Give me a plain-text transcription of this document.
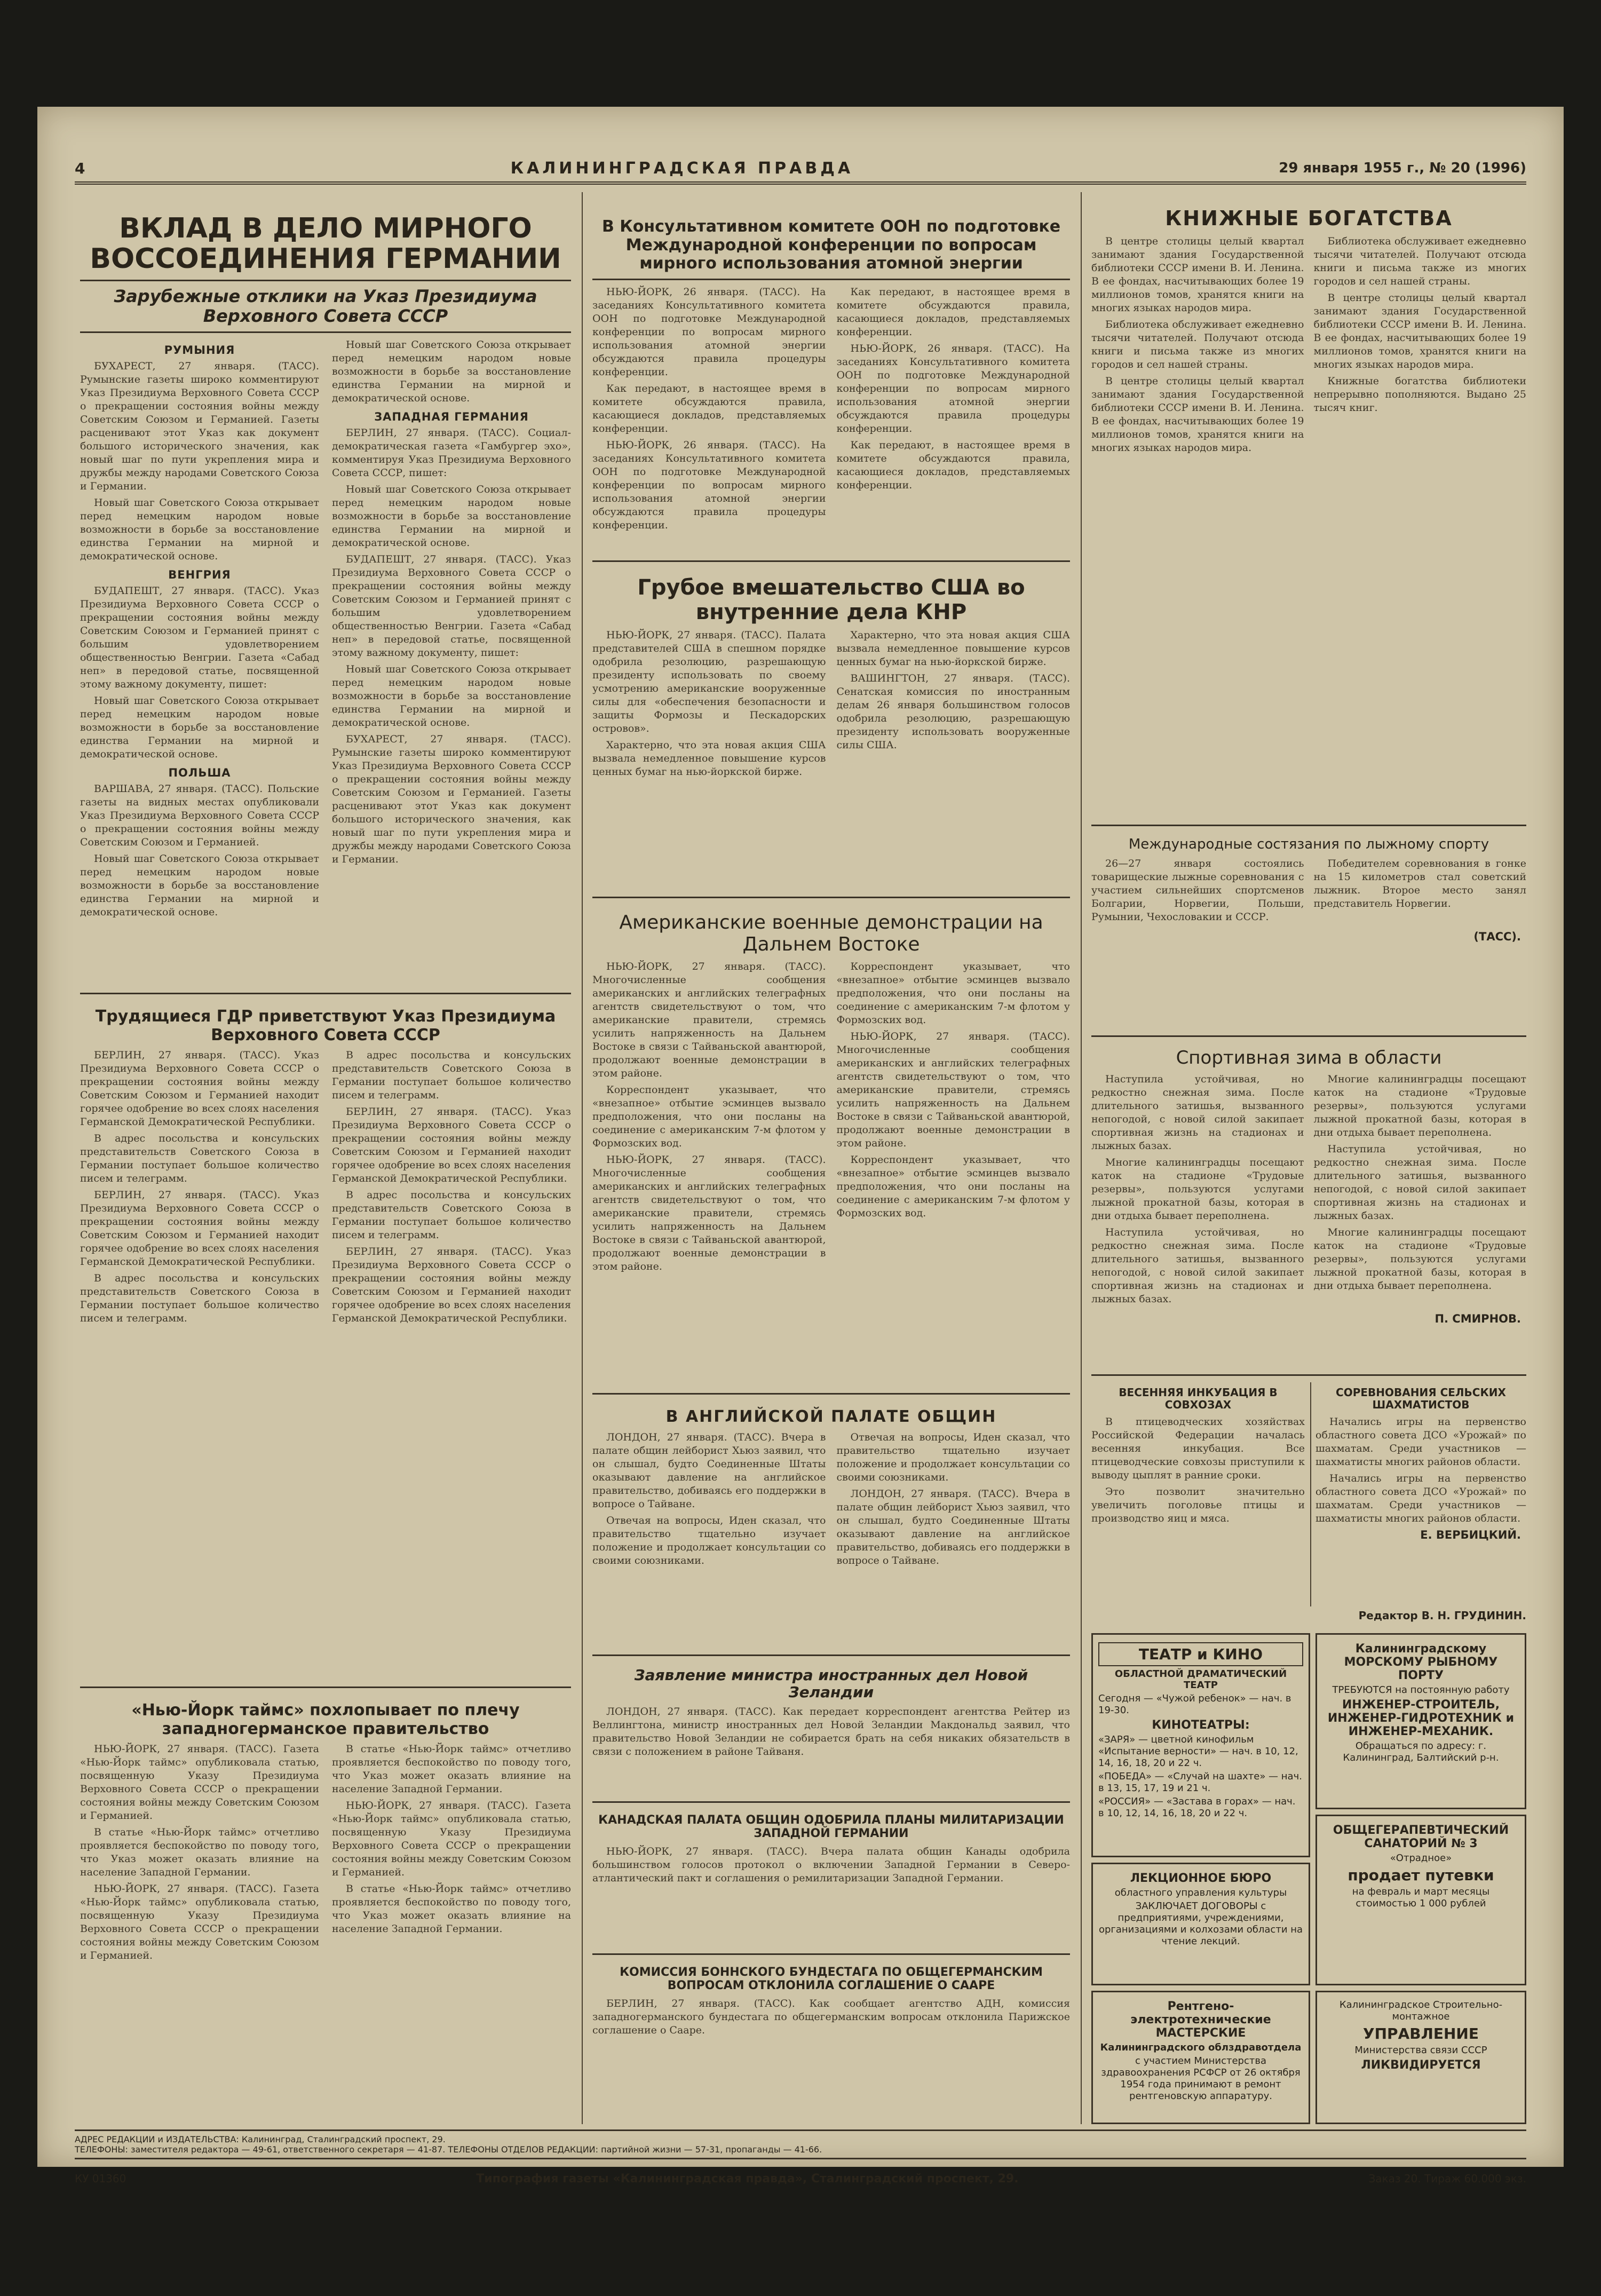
4	КАЛИНИНГРАДСКАЯ ПРАВДА	29 января 1955 г., № 20 (1996)
ВКЛАД В ДЕЛО МИРНОГО ВОССОЕДИНЕНИЯ ГЕРМАНИИ
Зарубежные отклики на Указ Президиума Верховного Совета СССР
РУМЫНИЯ

БУХАРЕСТ, 27 января. (ТАСС). Румынские газеты широко комментируют Указ Президиума Верховного Совета СССР о прекращении состояния войны между Советским Союзом и Германией. Газеты расценивают этот Указ как документ большого исторического значения, как новый шаг по пути укрепления мира и дружбы между народами Советского Союза и Германии.

Новый шаг Советского Союза открывает перед немецким народом новые возможности в борьбе за восстановление единства Германии на мирной и демократической основе.

ВЕНГРИЯ

БУДАПЕШТ, 27 января. (ТАСС). Указ Президиума Верховного Совета СССР о прекращении состояния войны между Советским Союзом и Германией принят с большим удовлетворением общественностью Венгрии. Газета «Сабад неп» в передовой статье, посвященной этому важному документу, пишет:

Новый шаг Советского Союза открывает перед немецким народом новые возможности в борьбе за восстановление единства Германии на мирной и демократической основе.

ПОЛЬША

ВАРШАВА, 27 января. (ТАСС). Польские газеты на видных местах опубликовали Указ Президиума Верховного Совета СССР о прекращении состояния войны между Советским Союзом и Германией.

Новый шаг Советского Союза открывает перед немецким народом новые возможности в борьбе за восстановление единства Германии на мирной и демократической основе.

Новый шаг Советского Союза открывает перед немецким народом новые возможности в борьбе за восстановление единства Германии на мирной и демократической основе.

ЗАПАДНАЯ ГЕРМАНИЯ

БЕРЛИН, 27 января. (ТАСС). Социал-демократическая газета «Гамбургер эхо», комментируя Указ Президиума Верховного Совета СССР, пишет:

Новый шаг Советского Союза открывает перед немецким народом новые возможности в борьбе за восстановление единства Германии на мирной и демократической основе.

БУДАПЕШТ, 27 января. (ТАСС). Указ Президиума Верховного Совета СССР о прекращении состояния войны между Советским Союзом и Германией принят с большим удовлетворением общественностью Венгрии. Газета «Сабад неп» в передовой статье, посвященной этому важному документу, пишет:

Новый шаг Советского Союза открывает перед немецким народом новые возможности в борьбе за восстановление единства Германии на мирной и демократической основе.

БУХАРЕСТ, 27 января. (ТАСС). Румынские газеты широко комментируют Указ Президиума Верховного Совета СССР о прекращении состояния войны между Советским Союзом и Германией. Газеты расценивают этот Указ как документ большого исторического значения, как новый шаг по пути укрепления мира и дружбы между народами Советского Союза и Германии.

Трудящиеся ГДР приветствуют Указ Президиума Верховного Совета СССР

БЕРЛИН, 27 января. (ТАСС). Указ Президиума Верховного Совета СССР о прекращении состояния войны между Советским Союзом и Германией находит горячее одобрение во всех слоях населения Германской Демократической Республики.

В адрес посольства и консульских представительств Советского Союза в Германии поступает большое количество писем и телеграмм.

БЕРЛИН, 27 января. (ТАСС). Указ Президиума Верховного Совета СССР о прекращении состояния войны между Советским Союзом и Германией находит горячее одобрение во всех слоях населения Германской Демократической Республики.

В адрес посольства и консульских представительств Советского Союза в Германии поступает большое количество писем и телеграмм.

В адрес посольства и консульских представительств Советского Союза в Германии поступает большое количество писем и телеграмм.

БЕРЛИН, 27 января. (ТАСС). Указ Президиума Верховного Совета СССР о прекращении состояния войны между Советским Союзом и Германией находит горячее одобрение во всех слоях населения Германской Демократической Республики.

В адрес посольства и консульских представительств Советского Союза в Германии поступает большое количество писем и телеграмм.

БЕРЛИН, 27 января. (ТАСС). Указ Президиума Верховного Совета СССР о прекращении состояния войны между Советским Союзом и Германией находит горячее одобрение во всех слоях населения Германской Демократической Республики.

«Нью-Йорк таймс» похлопывает по плечу западногерманское правительство

НЬЮ-ЙОРК, 27 января. (ТАСС). Газета «Нью-Йорк таймс» опубликовала статью, посвященную Указу Президиума Верховного Совета СССР о прекращении состояния войны между Советским Союзом и Германией.

В статье «Нью-Йорк таймс» отчетливо проявляется беспокойство по поводу того, что Указ может оказать влияние на население Западной Германии.

НЬЮ-ЙОРК, 27 января. (ТАСС). Газета «Нью-Йорк таймс» опубликовала статью, посвященную Указу Президиума Верховного Совета СССР о прекращении состояния войны между Советским Союзом и Германией.

В статье «Нью-Йорк таймс» отчетливо проявляется беспокойство по поводу того, что Указ может оказать влияние на население Западной Германии.

НЬЮ-ЙОРК, 27 января. (ТАСС). Газета «Нью-Йорк таймс» опубликовала статью, посвященную Указу Президиума Верховного Совета СССР о прекращении состояния войны между Советским Союзом и Германией.

В статье «Нью-Йорк таймс» отчетливо проявляется беспокойство по поводу того, что Указ может оказать влияние на население Западной Германии.

В Консультативном комитете ООН по подготовке Международной конференции по вопросам мирного использования атомной энергии

НЬЮ-ЙОРК, 26 января. (ТАСС). На заседаниях Консультативного комитета ООН по подготовке Международной конференции по вопросам мирного использования атомной энергии обсуждаются правила процедуры конференции.

Как передают, в настоящее время в комитете обсуждаются правила, касающиеся докладов, представляемых конференции.

НЬЮ-ЙОРК, 26 января. (ТАСС). На заседаниях Консультативного комитета ООН по подготовке Международной конференции по вопросам мирного использования атомной энергии обсуждаются правила процедуры конференции.

Как передают, в настоящее время в комитете обсуждаются правила, касающиеся докладов, представляемых конференции.

НЬЮ-ЙОРК, 26 января. (ТАСС). На заседаниях Консультативного комитета ООН по подготовке Международной конференции по вопросам мирного использования атомной энергии обсуждаются правила процедуры конференции.

Как передают, в настоящее время в комитете обсуждаются правила, касающиеся докладов, представляемых конференции.

Грубое вмешательство США во внутренние дела КНР

НЬЮ-ЙОРК, 27 января. (ТАСС). Палата представителей США в спешном порядке одобрила резолюцию, разрешающую президенту использовать по своему усмотрению американские вооруженные силы для «обеспечения безопасности и защиты Формозы и Пескадорских островов».

Характерно, что эта новая акция США вызвала немедленное повышение курсов ценных бумаг на нью-йоркской бирже.

Характерно, что эта новая акция США вызвала немедленное повышение курсов ценных бумаг на нью-йоркской бирже.

ВАШИНГТОН, 27 января. (ТАСС). Сенатская комиссия по иностранным делам 26 января большинством голосов одобрила резолюцию, разрешающую президенту использовать вооруженные силы США.

Американские военные демонстрации на Дальнем Востоке

НЬЮ-ЙОРК, 27 января. (ТАСС). Многочисленные сообщения американских и английских телеграфных агентств свидетельствуют о том, что американские правители, стремясь усилить напряженность на Дальнем Востоке в связи с Тайваньской авантюрой, продолжают военные демонстрации в этом районе.

Корреспондент указывает, что «внезапное» отбытие эсминцев вызвало предположения, что они посланы на соединение с американским 7-м флотом у Формозских вод.

НЬЮ-ЙОРК, 27 января. (ТАСС). Многочисленные сообщения американских и английских телеграфных агентств свидетельствуют о том, что американские правители, стремясь усилить напряженность на Дальнем Востоке в связи с Тайваньской авантюрой, продолжают военные демонстрации в этом районе.

Корреспондент указывает, что «внезапное» отбытие эсминцев вызвало предположения, что они посланы на соединение с американским 7-м флотом у Формозских вод.

НЬЮ-ЙОРК, 27 января. (ТАСС). Многочисленные сообщения американских и английских телеграфных агентств свидетельствуют о том, что американские правители, стремясь усилить напряженность на Дальнем Востоке в связи с Тайваньской авантюрой, продолжают военные демонстрации в этом районе.

Корреспондент указывает, что «внезапное» отбытие эсминцев вызвало предположения, что они посланы на соединение с американским 7-м флотом у Формозских вод.

В АНГЛИЙСКОЙ ПАЛАТЕ ОБЩИН

ЛОНДОН, 27 января. (ТАСС). Вчера в палате общин лейборист Хьюз заявил, что он слышал, будто Соединенные Штаты оказывают давление на английское правительство, добиваясь его поддержки в вопросе о Тайване.

Отвечая на вопросы, Иден сказал, что правительство тщательно изучает положение и продолжает консультации со своими союзниками.

Отвечая на вопросы, Иден сказал, что правительство тщательно изучает положение и продолжает консультации со своими союзниками.

ЛОНДОН, 27 января. (ТАСС). Вчера в палате общин лейборист Хьюз заявил, что он слышал, будто Соединенные Штаты оказывают давление на английское правительство, добиваясь его поддержки в вопросе о Тайване.

Заявление министра иностранных дел Новой Зеландии

ЛОНДОН, 27 января. (ТАСС). Как передает корреспондент агентства Рейтер из Веллингтона, министр иностранных дел Новой Зеландии Макдональд заявил, что правительство Новой Зеландии не собирается брать на себя никаких обязательств в связи с положением в районе Тайваня.

КАНАДСКАЯ ПАЛАТА ОБЩИН ОДОБРИЛА ПЛАНЫ МИЛИТАРИЗАЦИИ ЗАПАДНОЙ ГЕРМАНИИ

НЬЮ-ЙОРК, 27 января. (ТАСС). Вчера палата общин Канады одобрила большинством голосов протокол о включении Западной Германии в Северо-атлантический пакт и соглашения о ремилитаризации Западной Германии.

КОМИССИЯ БОННСКОГО БУНДЕСТАГА ПО ОБЩЕГЕРМАНСКИМ ВОПРОСАМ ОТКЛОНИЛА СОГЛАШЕНИЕ О СААРЕ

БЕРЛИН, 27 января. (ТАСС). Как сообщает агентство АДН, комиссия западногерманского бундестага по общегерманским вопросам отклонила Парижское соглашение о Сааре.

КНИЖНЫЕ БОГАТСТВА

В центре столицы целый квартал занимают здания Государственной библиотеки СССР имени В. И. Ленина. В ее фондах, насчитывающих более 19 миллионов томов, хранятся книги на многих языках народов мира.

Библиотека обслуживает ежедневно тысячи читателей. Получают отсюда книги и письма также из многих городов и сел нашей страны.

В центре столицы целый квартал занимают здания Государственной библиотеки СССР имени В. И. Ленина. В ее фондах, насчитывающих более 19 миллионов томов, хранятся книги на многих языках народов мира.

Библиотека обслуживает ежедневно тысячи читателей. Получают отсюда книги и письма также из многих городов и сел нашей страны.

В центре столицы целый квартал занимают здания Государственной библиотеки СССР имени В. И. Ленина. В ее фондах, насчитывающих более 19 миллионов томов, хранятся книги на многих языках народов мира.

Книжные богатства библиотеки непрерывно пополняются. Выдано 25 тысяч книг.

Международные состязания по лыжному спорту

26—27 января состоялись товарищеские лыжные соревнования с участием сильнейших спортсменов Болгарии, Норвегии, Польши, Румынии, Чехословакии и СССР.

Победителем соревнования в гонке на 15 километров стал советский лыжник. Второе место занял представитель Норвегии.

(ТАСС).
Спортивная зима в области

Наступила устойчивая, но редкостно снежная зима. После длительного затишья, вызванного непогодой, с новой силой закипает спортивная жизнь на стадионах и лыжных базах.

Многие калининградцы посещают каток на стадионе «Трудовые резервы», пользуются услугами лыжной прокатной базы, которая в дни отдыха бывает переполнена.

Наступила устойчивая, но редкостно снежная зима. После длительного затишья, вызванного непогодой, с новой силой закипает спортивная жизнь на стадионах и лыжных базах.

Многие калининградцы посещают каток на стадионе «Трудовые резервы», пользуются услугами лыжной прокатной базы, которая в дни отдыха бывает переполнена.

Наступила устойчивая, но редкостно снежная зима. После длительного затишья, вызванного непогодой, с новой силой закипает спортивная жизнь на стадионах и лыжных базах.

Многие калининградцы посещают каток на стадионе «Трудовые резервы», пользуются услугами лыжной прокатной базы, которая в дни отдыха бывает переполнена.

П. СМИРНОВ.
ВЕСЕННЯЯ ИНКУБАЦИЯ В СОВХОЗАХ

В птицеводческих хозяйствах Российской Федерации началась весенняя инкубация. Все птицеводческие совхозы приступили к выводу цыплят в ранние сроки.

Это позволит значительно увеличить поголовье птицы и производство яиц и мяса.

СОРЕВНОВАНИЯ СЕЛЬСКИХ ШАХМАТИСТОВ

Начались игры на первенство областного совета ДСО «Урожай» по шахматам. Среди участников — шахматисты многих районов области.

Начались игры на первенство областного совета ДСО «Урожай» по шахматам. Среди участников — шахматисты многих районов области.

Е. ВЕРБИЦКИЙ.
Редактор В. Н. ГРУДИНИН.
ТЕАТР и КИНО
ОБЛАСТНОЙ ДРАМАТИЧЕСКИЙ ТЕАТР
Сегодня — «Чужой ребенок» — нач. в 19-30.
КИНОТЕАТРЫ:
«ЗАРЯ» — цветной кинофильм «Испытание верности» — нач. в 10, 12, 14, 16, 18, 20 и 22 ч.
«ПОБЕДА» — «Случай на шахте» — нач. в 13, 15, 17, 19 и 21 ч.
«РОССИЯ» — «Застава в горах» — нач. в 10, 12, 14, 16, 18, 20 и 22 ч.
ЛЕКЦИОННОЕ БЮРО
областного управления культуры
ЗАКЛЮЧАЕТ ДОГОВОРЫ с предприятиями, учреждениями, организациями и колхозами области на чтение лекций.
Рентгено-электротехнические МАСТЕРСКИЕ
Калининградского облздравотдела
с участием Министерства здравоохранения РСФСР от 26 октября 1954 года принимают в ремонт рентгеновскую аппаратуру.
Калининградскому МОРСКОМУ РЫБНОМУ ПОРТУ
ТРЕБУЮТСЯ на постоянную работу
ИНЖЕНЕР-СТРОИТЕЛЬ, ИНЖЕНЕР-ГИДРОТЕХНИК и ИНЖЕНЕР-МЕХАНИК.
Обращаться по адресу: г. Калининград, Балтийский р-н.
ОБЩЕГЕРАПЕВТИЧЕСКИЙ САНАТОРИЙ № 3
«Отрадное»
продает путевки
на февраль и март месяцы стоимостью 1 000 рублей
Калининградское Строительно-монтажное
УПРАВЛЕНИЕ
Министерства связи СССР
ЛИКВИДИРУЕТСЯ
АДРЕС РЕДАКЦИИ и ИЗДАТЕЛЬСТВА: Калининград, Сталинградский проспект, 29.
ТЕЛЕФОНЫ: заместителя редактора — 49-61, ответственного секретаря — 41-87. ТЕЛЕФОНЫ ОТДЕЛОВ РЕДАКЦИИ: партийной жизни — 57-31, пропаганды — 41-66.
КУ 01360	Типография газеты «Калининградская правда», Сталинградский проспект, 29.	Заказ 20. Тираж 60.000 экз.
